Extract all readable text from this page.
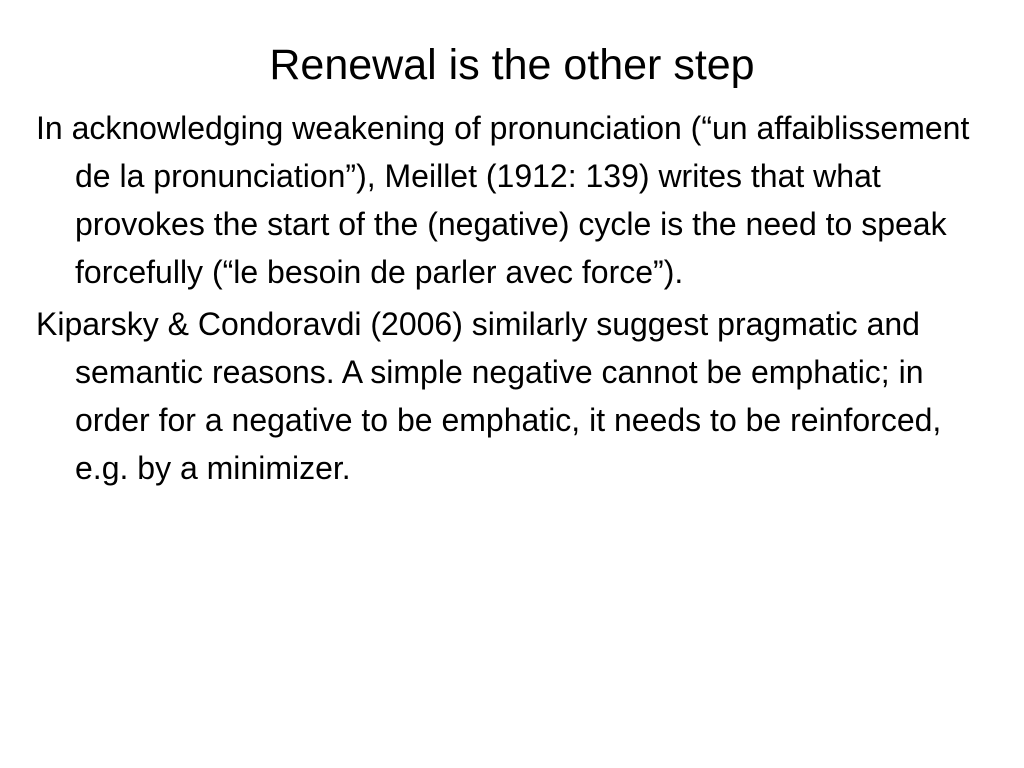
Renewal is the other step
In acknowledging weakening of pronunciation (“un affaiblissement de la pronunciation”), Meillet (1912: 139) writes that what provokes the start of the (negative) cycle is the need to speak forcefully (“le besoin de parler avec force”).
Kiparsky & Condoravdi (2006) similarly suggest pragmatic and semantic reasons. A simple negative cannot be emphatic; in order for a negative to be emphatic, it needs to be reinforced, e.g. by a minimizer.
